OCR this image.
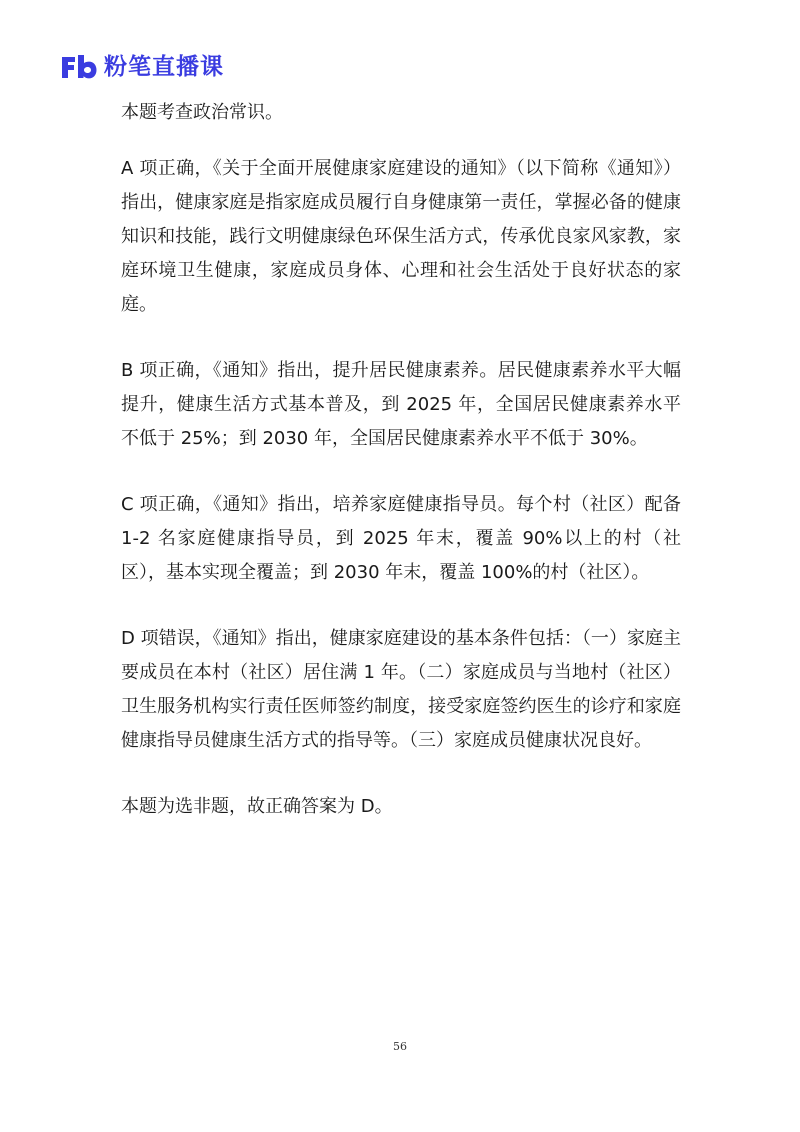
粉笔直播课

本题考查政治常识。

A 项正确，《关于全面开展健康家庭建设的通知》（以下简称《通知》）指出，健康家庭是指家庭成员履行自身健康第一责任，掌握必备的健康知识和技能，践行文明健康绿色环保生活方式，传承优良家风家教，家庭环境卫生健康，家庭成员身体、心理和社会生活处于良好状态的家庭。

B 项正确，《通知》指出，提升居民健康素养。居民健康素养水平大幅提升，健康生活方式基本普及，到 2025 年，全国居民健康素养水平不低于 25%；到 2030 年，全国居民健康素养水平不低于 30%。

C 项正确，《通知》指出，培养家庭健康指导员。每个村（社区）配备 1-2 名家庭健康指导员，到 2025 年末，覆盖 90%以上的村（社区），基本实现全覆盖；到 2030 年末，覆盖 100%的村（社区）。

D 项错误，《通知》指出，健康家庭建设的基本条件包括：（一）家庭主要成员在本村（社区）居住满 1 年。（二）家庭成员与当地村（社区）卫生服务机构实行责任医师签约制度，接受家庭签约医生的诊疗和家庭健康指导员健康生活方式的指导等。（三）家庭成员健康状况良好。

本题为选非题，故正确答案为 D。

56
